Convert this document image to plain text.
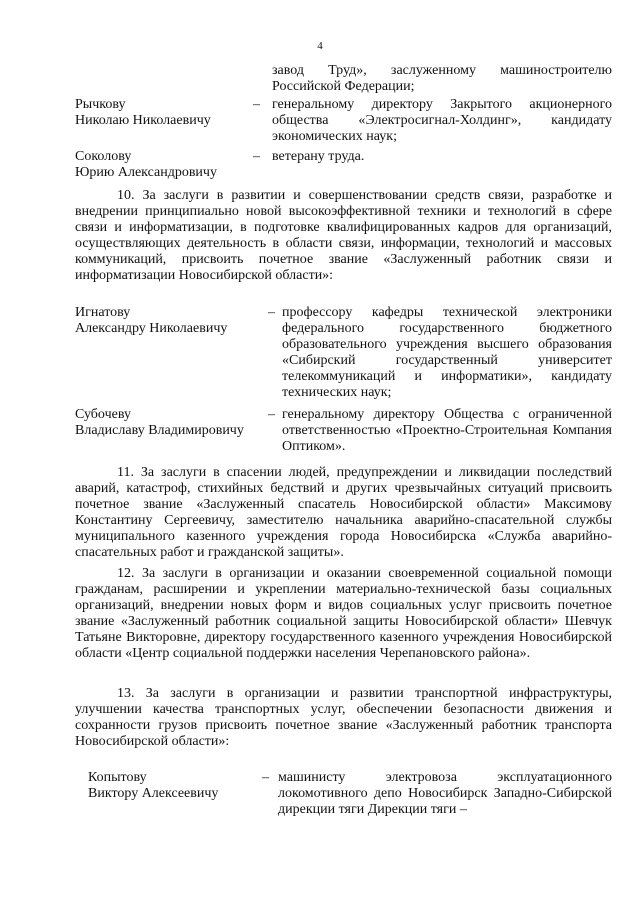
4
завод Труд», заслуженному машиностроителю Российской Федерации;
Рычкову
Николаю Николаевичу
– генеральному директору Закрытого акционерного общества «Электросигнал-Холдинг», кандидату экономических наук;
Соколову
Юрию Александровичу
– ветерану труда.
10. За заслуги в развитии и совершенствовании средств связи, разработке и внедрении принципиально новой высокоэффективной техники и технологий в сфере связи и информатизации, в подготовке квалифицированных кадров для организаций, осуществляющих деятельность в области связи, информации, технологий и массовых коммуникаций, присвоить почетное звание «Заслуженный работник связи и информатизации Новосибирской области»:
Игнатову
Александру Николаевичу
– профессору кафедры технической электроники федерального государственного бюджетного образовательного учреждения высшего образования «Сибирский государственный университет телекоммуникаций и информатики», кандидату технических наук;
Субочеву
Владиславу Владимировичу
– генеральному директору Общества с ограниченной ответственностью «Проектно-Строительная Компания Оптиком».
11. За заслуги в спасении людей, предупреждении и ликвидации последствий аварий, катастроф, стихийных бедствий и других чрезвычайных ситуаций присвоить почетное звание «Заслуженный спасатель Новосибирской области» Максимову Константину Сергеевичу, заместителю начальника аварийно-спасательной службы муниципального казенного учреждения города Новосибирска «Служба аварийно-спасательных работ и гражданской защиты».
12. За заслуги в организации и оказании своевременной социальной помощи гражданам, расширении и укреплении материально-технической базы социальных организаций, внедрении новых форм и видов социальных услуг присвоить почетное звание «Заслуженный работник социальной защиты Новосибирской области» Шевчук Татьяне Викторовне, директору государственного казенного учреждения Новосибирской области «Центр социальной поддержки населения Черепановского района».
13. За заслуги в организации и развитии транспортной инфраструктуры, улучшении качества транспортных услуг, обеспечении безопасности движения и сохранности грузов присвоить почетное звание «Заслуженный работник транспорта Новосибирской области»:
Копытову
Виктору Алексеевичу
– машинисту электровоза эксплуатационного локомотивного депо Новосибирск Западно-Сибирской дирекции тяги Дирекции тяги –
